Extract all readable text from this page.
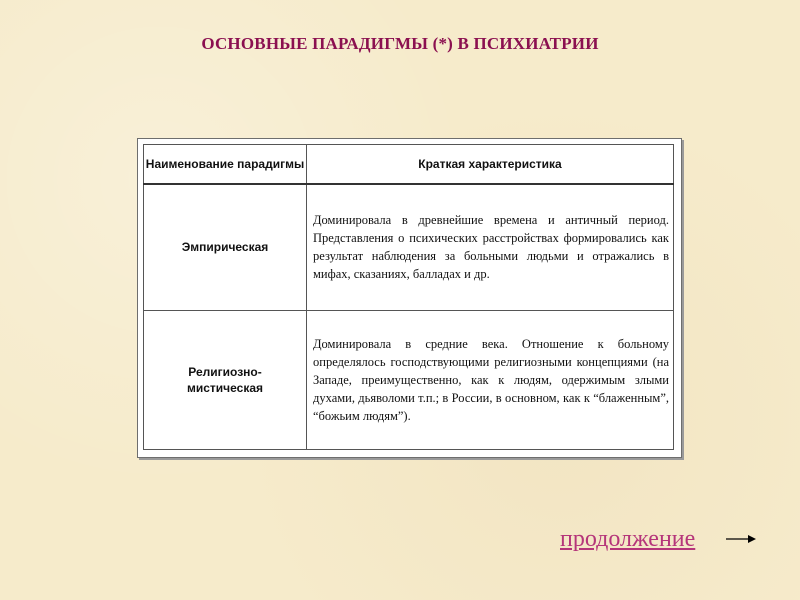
ОСНОВНЫЕ ПАРАДИГМЫ (*) В ПСИХИАТРИИ
Наименование парадигмы	Краткая характеристика
Эмпирическая	Доминировала в древнейшие времена и античный период. Представления о психических расстройствах формировались как результат наблюдения за больными людьми и отражались в мифах, сказаниях, балладах и др.
Религиозно-мистическая	Доминировала в средние века. Отношение к больному определялось господствующими религиозными концепциями (на Западе, преимущественно, как к людям, одержимым злыми духами, дьяволоми т.п.; в России, в основном, как к “блаженным”, “божьим людям”).
продолжение
